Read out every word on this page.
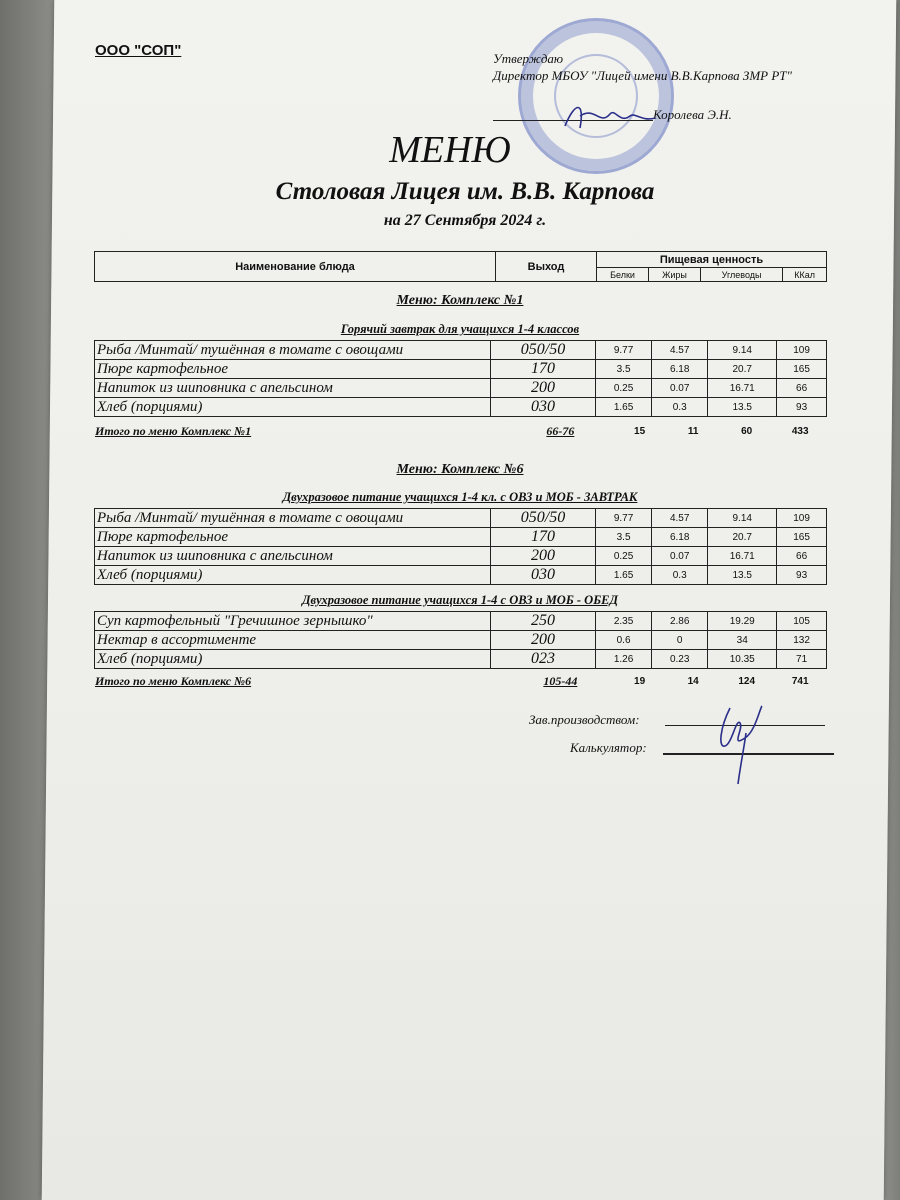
ООО "СОП"	Утверждаю
Директор МБОУ "Лицей имени В.В.Карпова ЗМР РТ"
Королева Э.Н.
МЕНЮ
Столовая Лицея им. В.В. Карпова
на 27 Сентября 2024 г.
Наименование блюда	Выход	Пищевая ценность			
		Белки	Жиры	Углеводы	ККал
Меню: Комплекс №1
Горячий завтрак для учащихся 1-4 классов
Рыба /Минтай/ тушённая в томате с овощами	050/50	9.77	4.57	9.14	109
Пюре картофельное	170	3.5	6.18	20.7	165
Напиток из шиповника с апельсином	200	0.25	0.07	16.71	66
Хлеб (порциями)	030	1.65	0.3	13.5	93
Итого по меню Комплекс №1	66-76	15	11	60	433
Меню: Комплекс №6
Двухразовое питание учащихся 1-4 кл. с ОВЗ и МОБ - ЗАВТРАК
Рыба /Минтай/ тушённая в томате с овощами	050/50	9.77	4.57	9.14	109
Пюре картофельное	170	3.5	6.18	20.7	165
Напиток из шиповника с апельсином	200	0.25	0.07	16.71	66
Хлеб (порциями)	030	1.65	0.3	13.5	93
Двухразовое питание учащихся 1-4 с ОВЗ и МОБ - ОБЕД
Суп картофельный "Гречишное зернышко"	250	2.35	2.86	19.29	105
Нектар в ассортименте	200	0.6	0	34	132
Хлеб (порциями)	023	1.26	0.23	10.35	71
Итого по меню Комплекс №6	105-44	19	14	124	741
Зав.производством:
Калькулятор:
